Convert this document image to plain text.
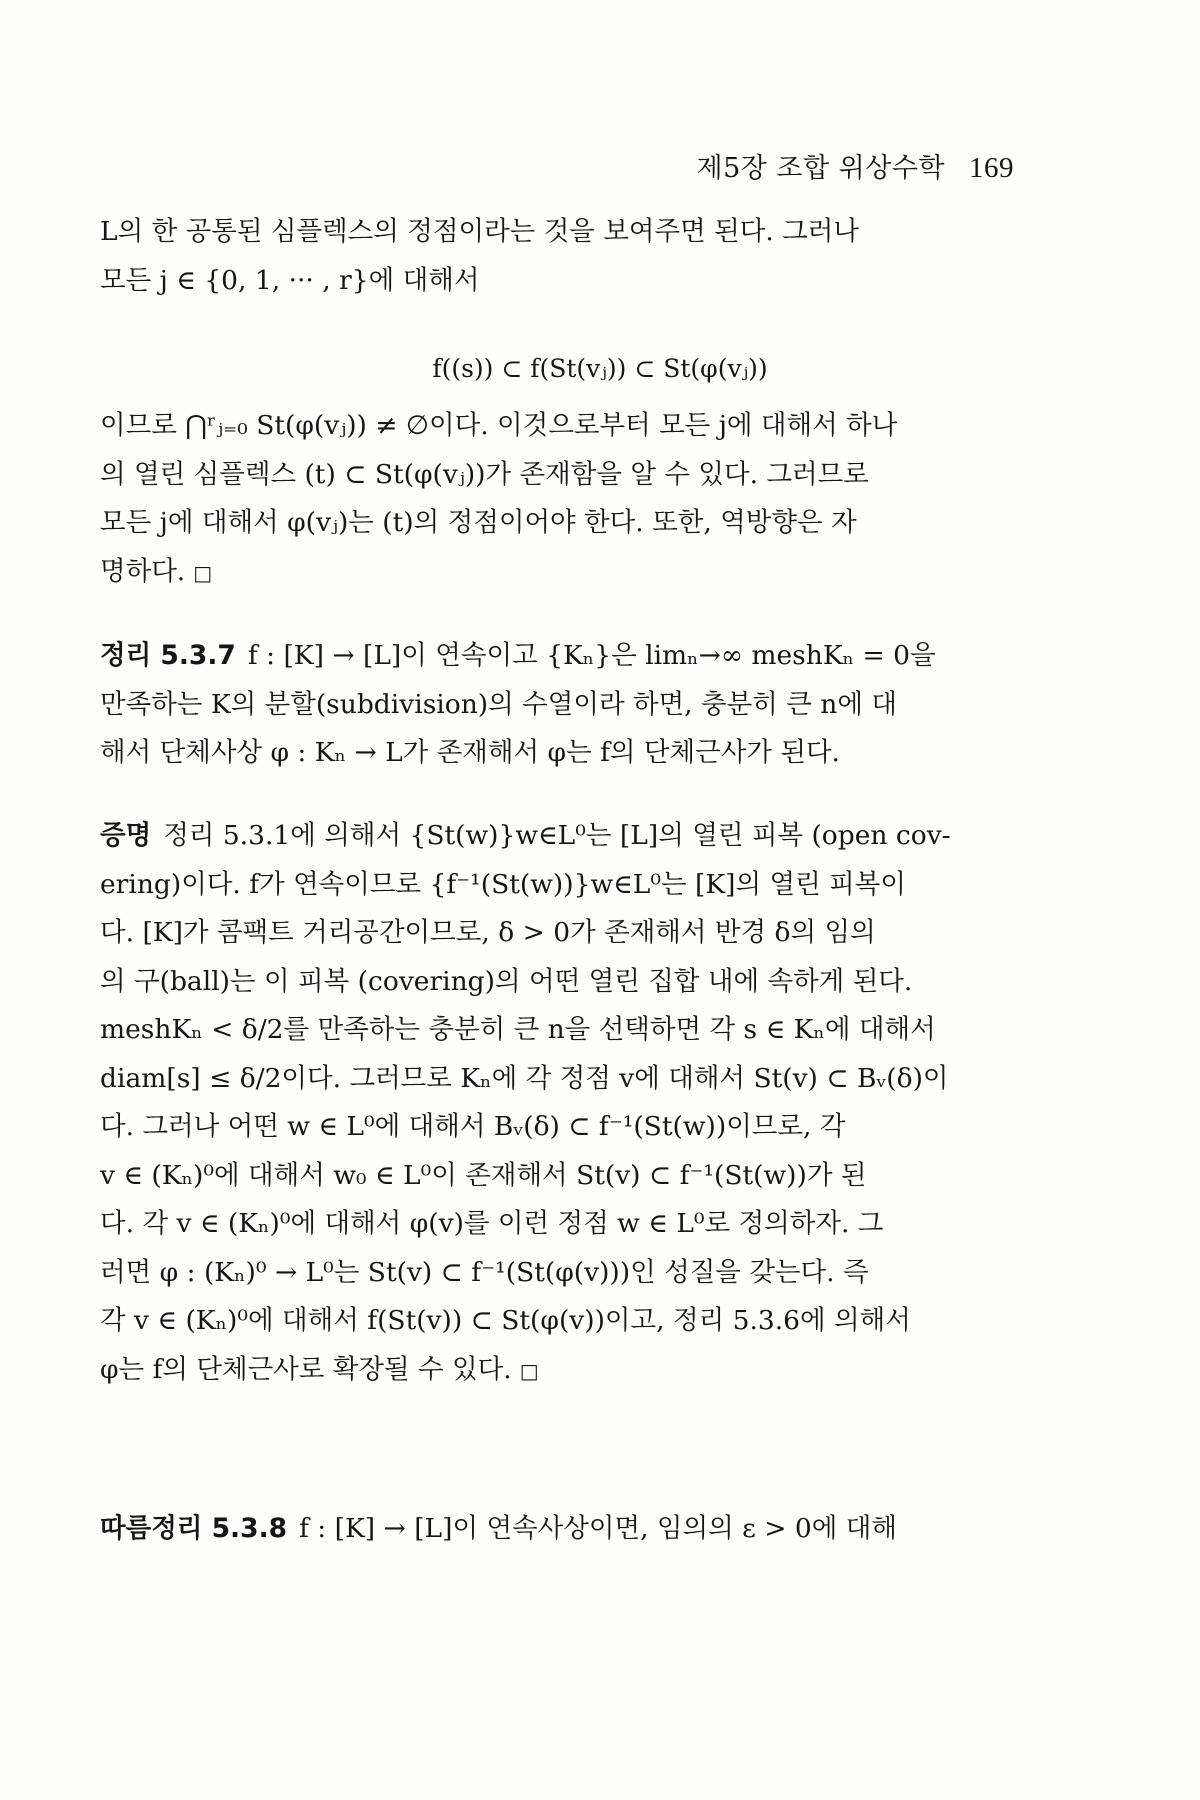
제5장 조합 위상수학 169
L의 한 공통된 심플렉스의 정점이라는 것을 보여주면 된다. 그러나
모든 j ∈ {0, 1, ··· , r}에 대해서
f((s)) ⊂ f(St(vⱼ)) ⊂ St(φ(vⱼ))
이므로 ⋂ʳⱼ₌₀ St(φ(vⱼ)) ≠ ∅이다. 이것으로부터 모든 j에 대해서 하나
의 열린 심플렉스 (t) ⊂ St(φ(vⱼ))가 존재함을 알 수 있다. 그러므로
모든 j에 대해서 φ(vⱼ)는 (t)의 정점이어야 한다. 또한, 역방향은 자
명하다. □
정리 5.3.7 f : [K] → [L]이 연속이고 {Kₙ}은 limₙ→∞ meshKₙ = 0을
만족하는 K의 분할(subdivision)의 수열이라 하면, 충분히 큰 n에 대
해서 단체사상 φ : Kₙ → L가 존재해서 φ는 f의 단체근사가 된다.
증명 정리 5.3.1에 의해서 {St(w)}w∈L⁰는 [L]의 열린 피복 (open cov-
ering)이다. f가 연속이므로 {f⁻¹(St(w))}w∈L⁰는 [K]의 열린 피복이
다. [K]가 콤팩트 거리공간이므로, δ > 0가 존재해서 반경 δ의 임의
의 구(ball)는 이 피복 (covering)의 어떤 열린 집합 내에 속하게 된다.
meshKₙ < δ/2를 만족하는 충분히 큰 n을 선택하면 각 s ∈ Kₙ에 대해서
diam[s] ≤ δ/2이다. 그러므로 Kₙ에 각 정점 v에 대해서 St(v) ⊂ Bᵥ(δ)이
다. 그러나 어떤 w ∈ L⁰에 대해서 Bᵥ(δ) ⊂ f⁻¹(St(w))이므로, 각
v ∈ (Kₙ)⁰에 대해서 w₀ ∈ L⁰이 존재해서 St(v) ⊂ f⁻¹(St(w))가 된
다. 각 v ∈ (Kₙ)⁰에 대해서 φ(v)를 이런 정점 w ∈ L⁰로 정의하자. 그
러면 φ : (Kₙ)⁰ → L⁰는 St(v) ⊂ f⁻¹(St(φ(v)))인 성질을 갖는다. 즉
각 v ∈ (Kₙ)⁰에 대해서 f(St(v)) ⊂ St(φ(v))이고, 정리 5.3.6에 의해서
φ는 f의 단체근사로 확장될 수 있다. □
따름정리 5.3.8 f : [K] → [L]이 연속사상이면, 임의의 ε > 0에 대해
